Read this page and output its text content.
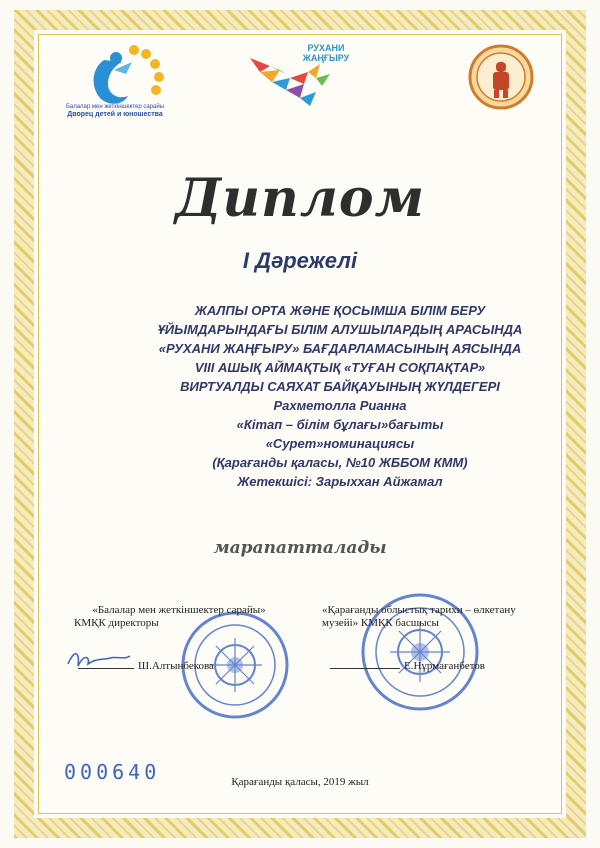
Балалар мен жеткіншектер сарайы
Дворец детей и юношества
РУХАНИ ЖАҢҒЫРУ
Диплом
I Дәрежелі
ЖАЛПЫ ОРТА ЖӘНЕ ҚОСЫМША БІЛІМ БЕРУ
ҰЙЫМДАРЫНДАҒЫ БІЛІМ АЛУШЫЛАРДЫҢ АРАСЫНДА
«РУХАНИ ЖАҢҒЫРУ» БАҒДАРЛАМАСЫНЫҢ АЯСЫНДА
VIII АШЫҚ АЙМАҚТЫҚ «ТУҒАН СОҚПАҚТАР»
ВИРТУАЛДЫ САЯХАТ БАЙҚАУЫНЫҢ ЖҮЛДЕГЕРІ
Рахметолла Рианна
«Кітап – білім бұлағы»бағыты
«Сурет»номинациясы
(Қарағанды қаласы, №10 ЖББОМ КММ)
Жетекшісі: Зарыххан Айжамал
марапатталады
«Балалар мен жеткіншектер сарайы»
КМҚК директоры
Ш.Алтынбекова
«Қарағанды облыстық тарихи – өлкетану
музейі» КМҚК басшысы
Е.Нұрмағанбетов
000640	Қарағанды қаласы, 2019 жыл
